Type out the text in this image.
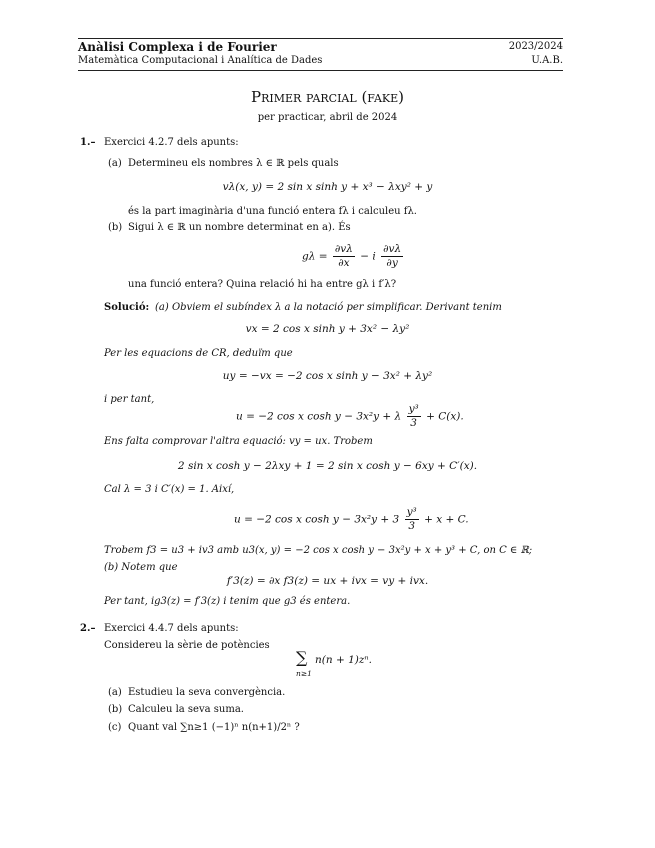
Anàlisi Complexa i de Fourier	2023/2024
Matemàtica Computacional i Analítica de Dades	U.A.B.
Primer parcial (fake)
per practicar, abril de 2024
1.– Exercici 4.2.7 dels apunts:
(a) Determineu els nombres λ ∈ ℝ pels quals
vλ(x, y) = 2 sin x sinh y + x³ − λxy² + y
és la part imaginària d'una funció entera fλ i calculeu fλ.
(b) Sigui λ ∈ ℝ un nombre determinat en a). És
$g\lambda = \frac{\partial v\lambda}{\partial x} - i \frac{\partial v\lambda}{\partial y}$
una funció entera? Quina relació hi ha entre gλ i f′λ?
Solució: (a) Obviem el subíndex λ a la notació per simplificar. Derivant tenim
vx = 2 cos x sinh y + 3x² − λy²
Per les equacions de CR, deduïm que
uy = −vx = −2 cos x sinh y − 3x² + λy²
i per tant,
u = −2 cos x cosh y − 3x²y + λ $\frac{\text{y³}}{3} + C(x)$.
Ens falta comprovar l'altra equació: vy = ux. Trobem
2 sin x cosh y − 2λxy + 1 = 2 sin x cosh y − 6xy + C′(x).
Cal λ = 3 i C′(x) = 1. Així,
u = −2 cos x $\cosh y - 3x^2y + 3 \frac{\text{y³}}{3} + x + C$.
Trobem f3 = u3 + iv3 amb u3(x, y) = −2 cos x cosh y − 3x²y + x + y³ + C, on C ∈ ℝ;
(b) Notem que
f′3(z) = ∂x f3(z) = ux + ivx = vy + ivx.
Per tant, ig3(z) = f′3(z) i tenim que g3 és entera.
2.– Exercici 4.4.7 dels apunts:
Considereu la sèrie de potències
∑
n≥1
n(n + 1)zⁿ.
(a) Estudieu la seva convergència.
(b) Calculeu la seva suma.
(c) Quant val ∑n≥1 (−1)ⁿ n(n+1)/2ⁿ ?
